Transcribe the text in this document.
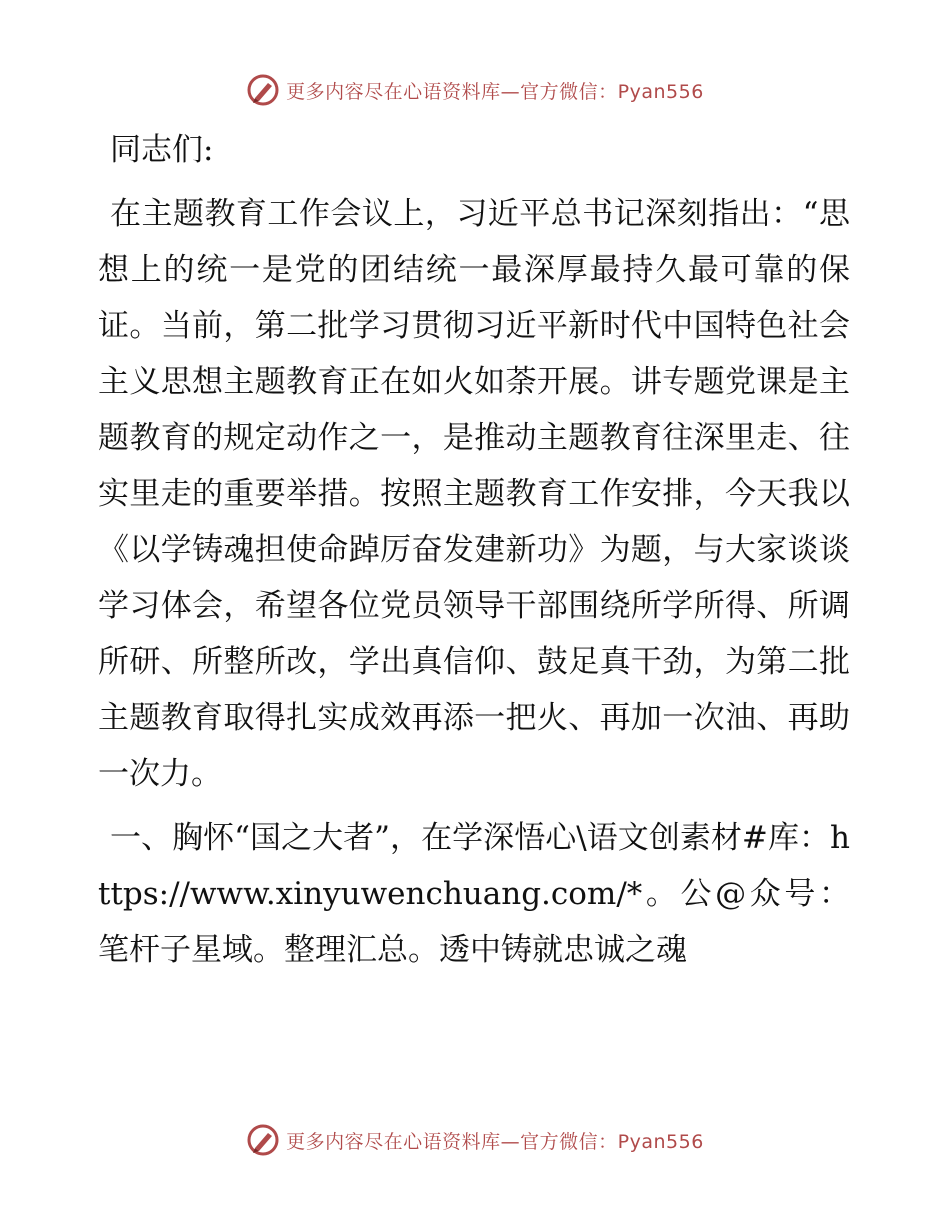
更多内容尽在心语资料库—官方微信：Pyan556

同志们:

在主题教育工作会议上，习近平总书记深刻指出：“思想上的统一是党的团结统一最深厚最持久最可靠的保证。当前，第二批学习贯彻习近平新时代中国特色社会主义思想主题教育正在如火如荼开展。讲专题党课是主题教育的规定动作之一，是推动主题教育往深里走、往实里走的重要举措。按照主题教育工作安排，今天我以《以学铸魂担使命踔厉奋发建新功》为题，与大家谈谈学习体会，希望各位党员领导干部围绕所学所得、所调所研、所整所改，学出真信仰、鼓足真干劲，为第二批主题教育取得扎实成效再添一把火、再加一次油、再助一次力。

一、胸怀“国之大者”，在学深悟心\语文创素材#库：https://www.xinyuwenchuang.com/*。公@众号：笔杆子星域。整理汇总。透中铸就忠诚之魂

更多内容尽在心语资料库—官方微信：Pyan556
